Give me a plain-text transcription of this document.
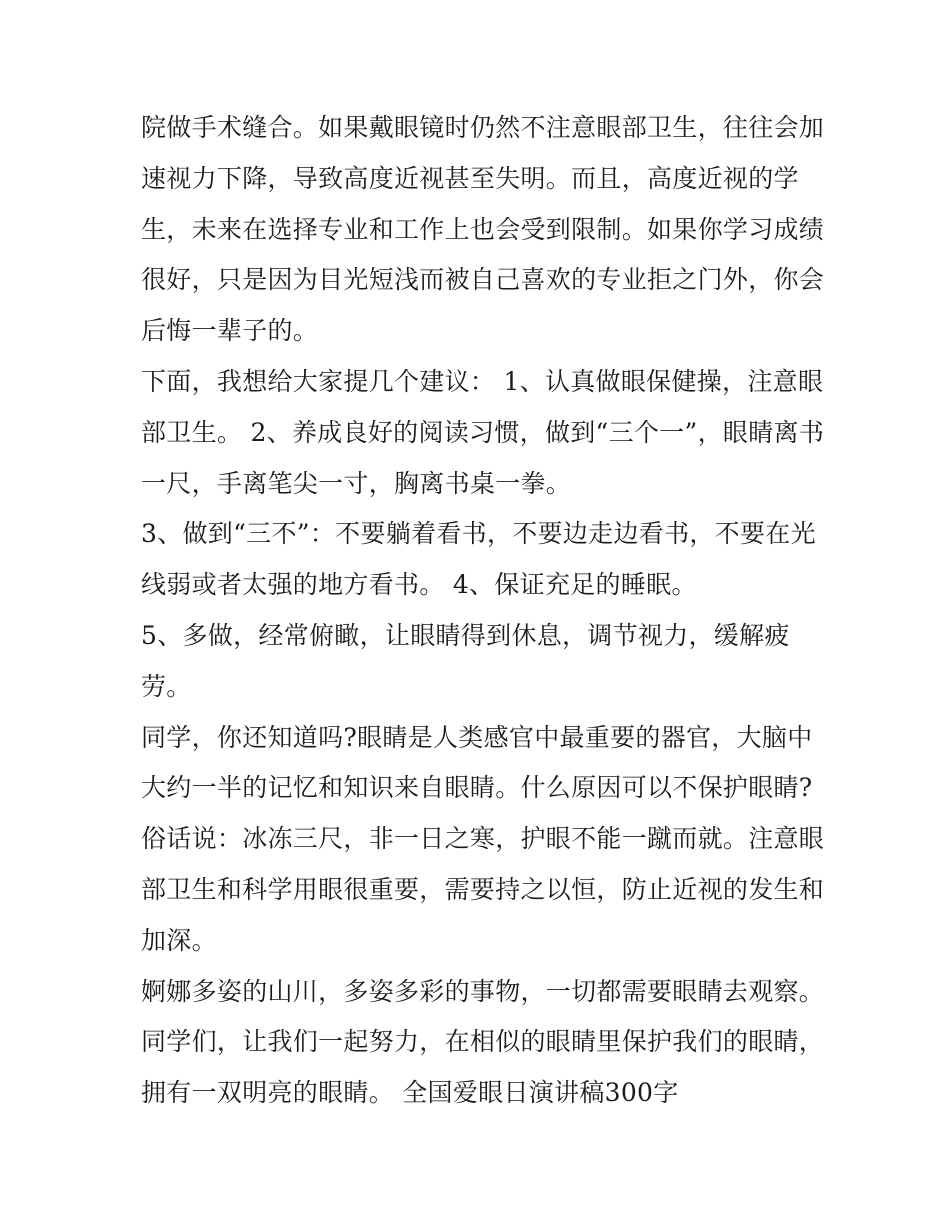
院做手术缝合。如果戴眼镜时仍然不注意眼部卫生，往往会加
速视力下降，导致高度近视甚至失明。而且，高度近视的学
生，未来在选择专业和工作上也会受到限制。如果你学习成绩
很好，只是因为目光短浅而被自己喜欢的专业拒之门外，你会
后悔一辈子的。
下面，我想给大家提几个建议： 1、认真做眼保健操，注意眼
部卫生。 2、养成良好的阅读习惯，做到“三个一”，眼睛离书
一尺，手离笔尖一寸，胸离书桌一拳。
3、做到“三不”：不要躺着看书，不要边走边看书，不要在光
线弱或者太强的地方看书。 4、保证充足的睡眠。
5、多做，经常俯瞰，让眼睛得到休息，调节视力，缓解疲
劳。
同学，你还知道吗?眼睛是人类感官中最重要的器官，大脑中
大约一半的记忆和知识来自眼睛。什么原因可以不保护眼睛?
俗话说：冰冻三尺，非一日之寒，护眼不能一蹴而就。注意眼
部卫生和科学用眼很重要，需要持之以恒，防止近视的发生和
加深。
婀娜多姿的山川，多姿多彩的事物，一切都需要眼睛去观察。
同学们，让我们一起努力，在相似的眼睛里保护我们的眼睛，
拥有一双明亮的眼睛。 全国爱眼日演讲稿300字
